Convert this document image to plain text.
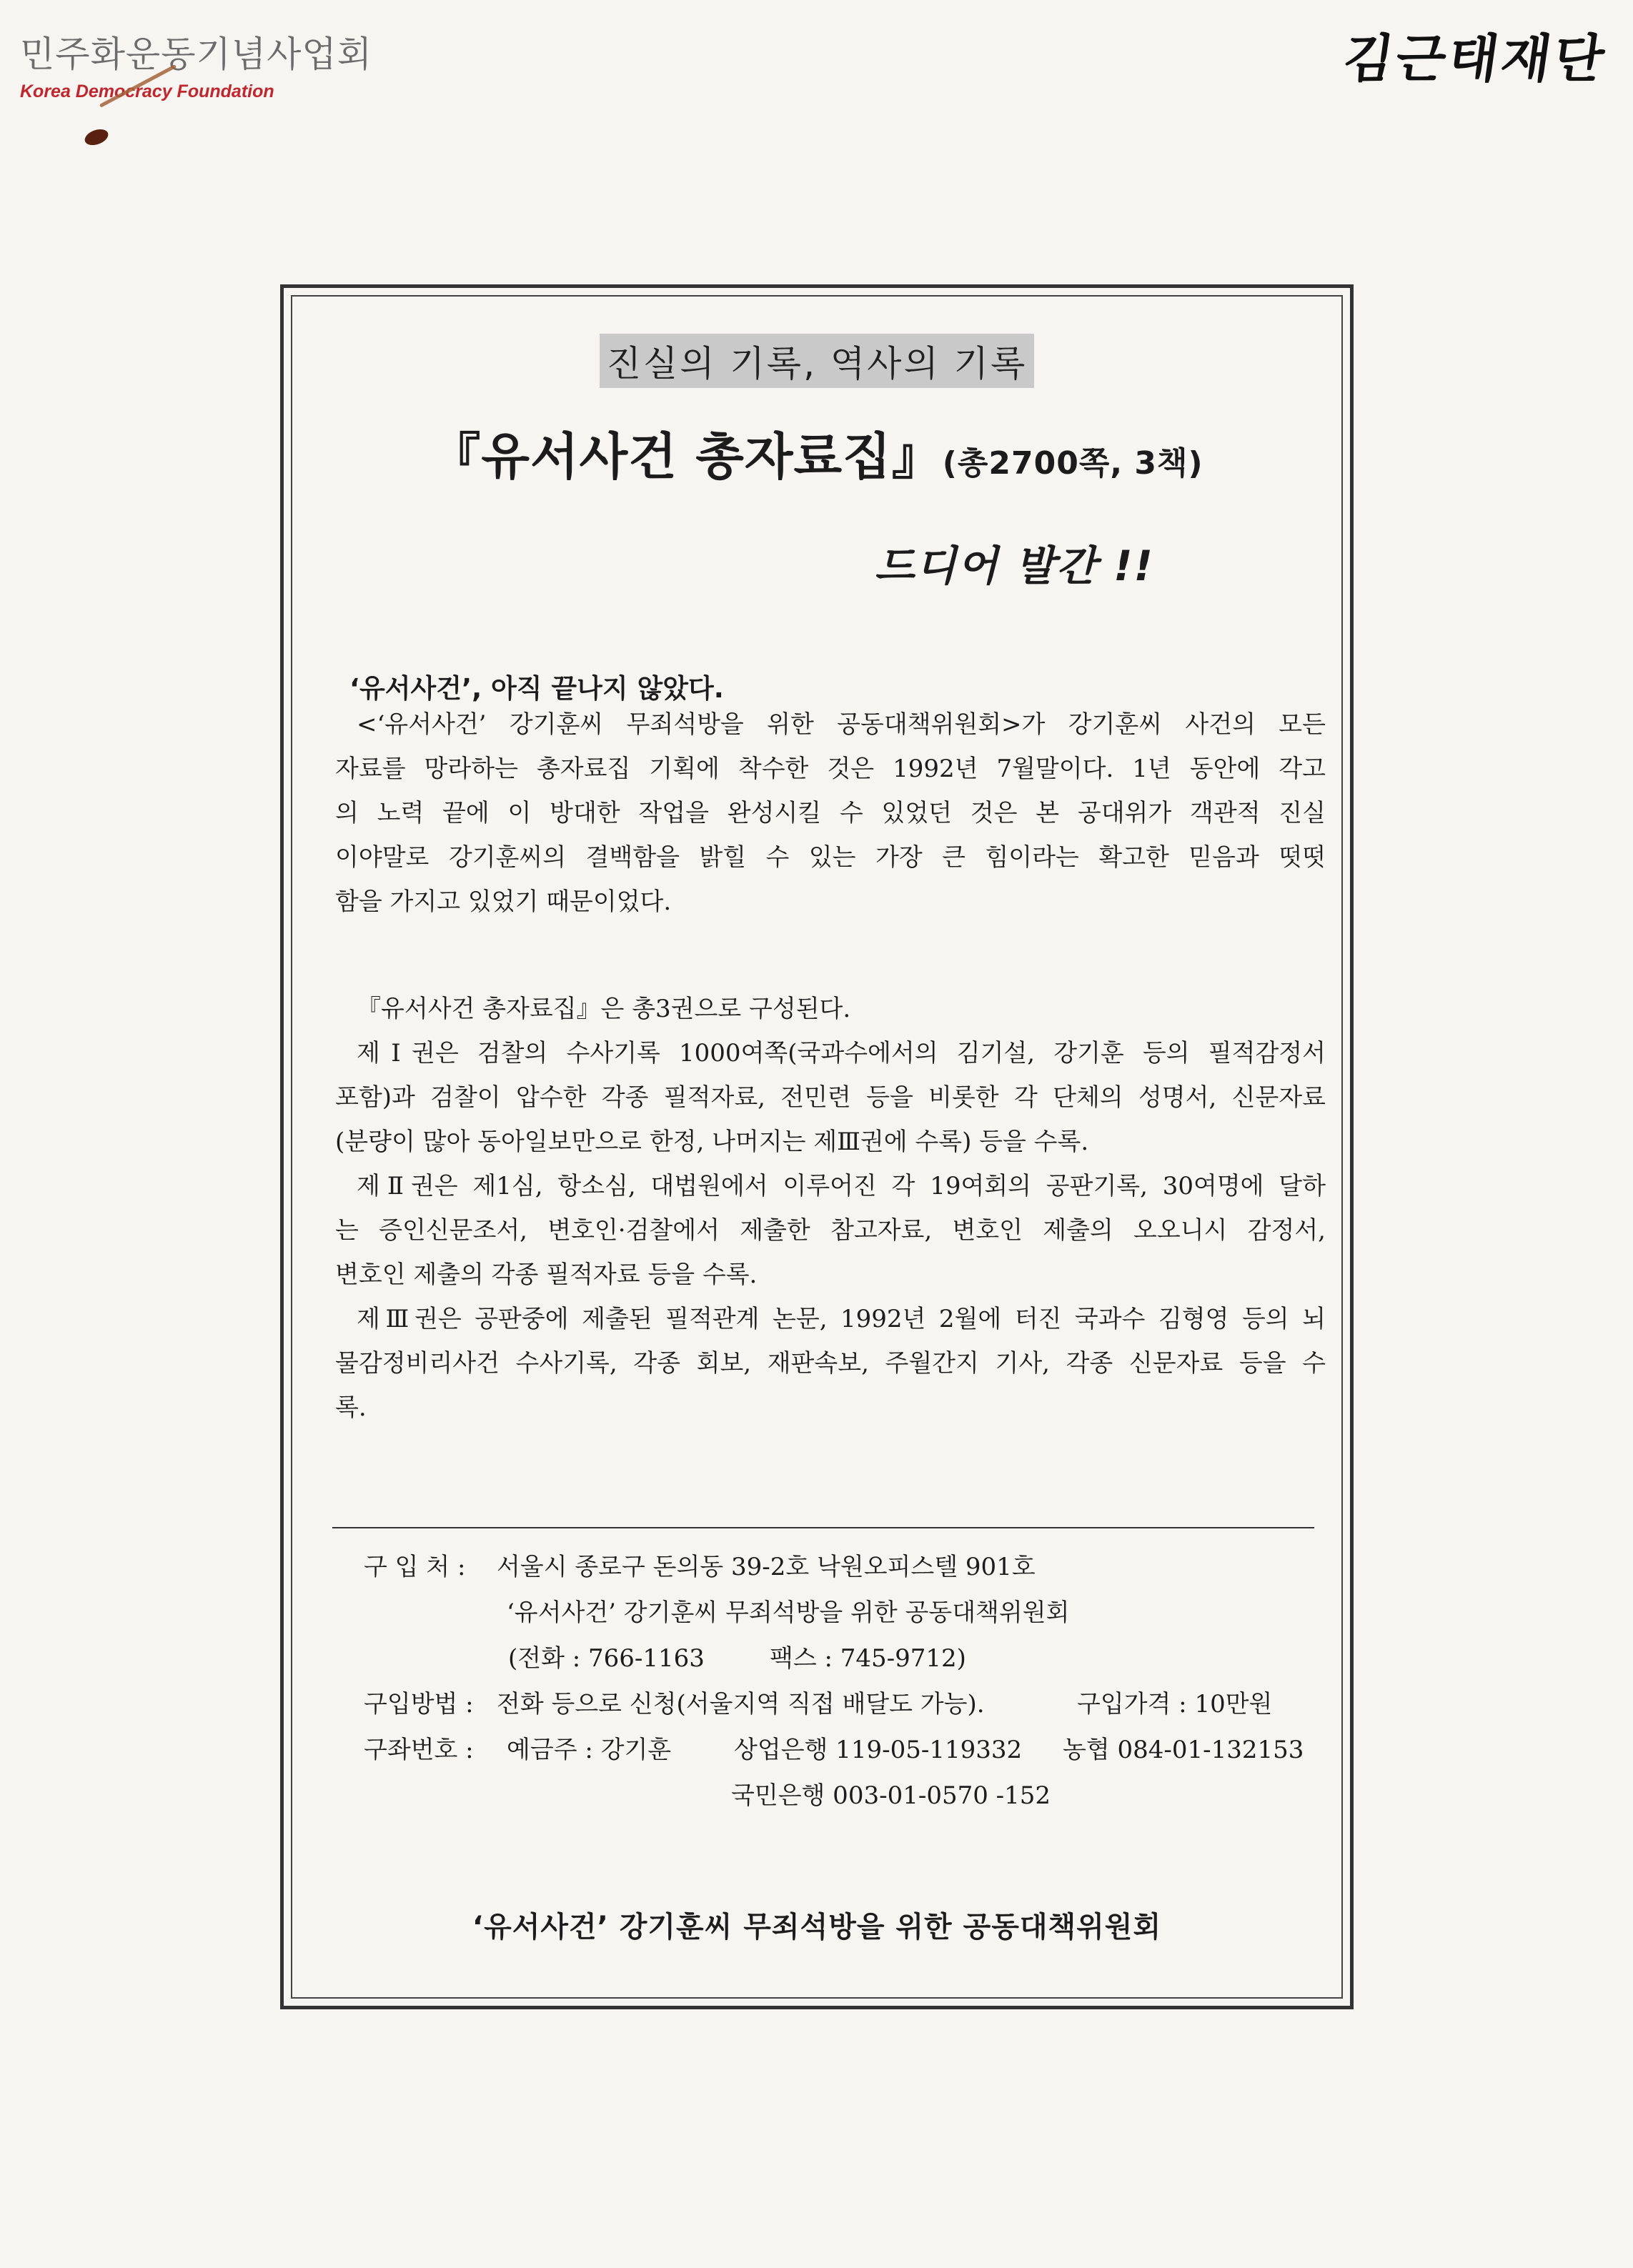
민주화운동기념사업회
Korea Democracy Foundation
김근태재단
진실의 기록, 역사의 기록
『유서사건 총자료집』(총2700쪽, 3책)
드디어 발간 !!
‘유서사건’, 아직 끝나지 않았다.
<‘유서사건’ 강기훈씨 무죄석방을 위한 공동대책위원회>가 강기훈씨 사건의 모든
자료를 망라하는 총자료집 기획에 착수한 것은 1992년 7월말이다. 1년 동안에 각고
의 노력 끝에 이 방대한 작업을 완성시킬 수 있었던 것은 본 공대위가 객관적 진실
이야말로 강기훈씨의 결백함을 밝힐 수 있는 가장 큰 힘이라는 확고한 믿음과 떳떳
함을 가지고 있었기 때문이었다.
『유서사건 총자료집』은 총3권으로 구성된다.
제Ⅰ권은 검찰의 수사기록 1000여쪽(국과수에서의 김기설, 강기훈 등의 필적감정서
포함)과 검찰이 압수한 각종 필적자료, 전민련 등을 비롯한 각 단체의 성명서, 신문자료
(분량이 많아 동아일보만으로 한정, 나머지는 제Ⅲ권에 수록) 등을 수록.
제Ⅱ권은 제1심, 항소심, 대법원에서 이루어진 각 19여회의 공판기록, 30여명에 달하
는 증인신문조서, 변호인·검찰에서 제출한 참고자료, 변호인 제출의 오오니시 감정서,
변호인 제출의 각종 필적자료 등을 수록.
제Ⅲ권은 공판중에 제출된 필적관계 논문, 1992년 2월에 터진 국과수 김형영 등의 뇌
물감정비리사건 수사기록, 각종 회보, 재판속보, 주월간지 기사, 각종 신문자료 등을 수
록.
구 입 처 : 서울시 종로구 돈의동 39-2호 낙원오피스텔 901호
‘유서사건’ 강기훈씨 무죄석방을 위한 공동대책위원회
(전화 : 766-1163	팩스 : 745-9712)
구입방법 : 전화 등으로 신청(서울지역 직접 배달도 가능).	구입가격 : 10만원
구좌번호 : 예금주 : 강기훈	상업은행 119-05-119332 농협 084-01-132153
국민은행 003-01-0570 -152
‘유서사건’ 강기훈씨 무죄석방을 위한 공동대책위원회
